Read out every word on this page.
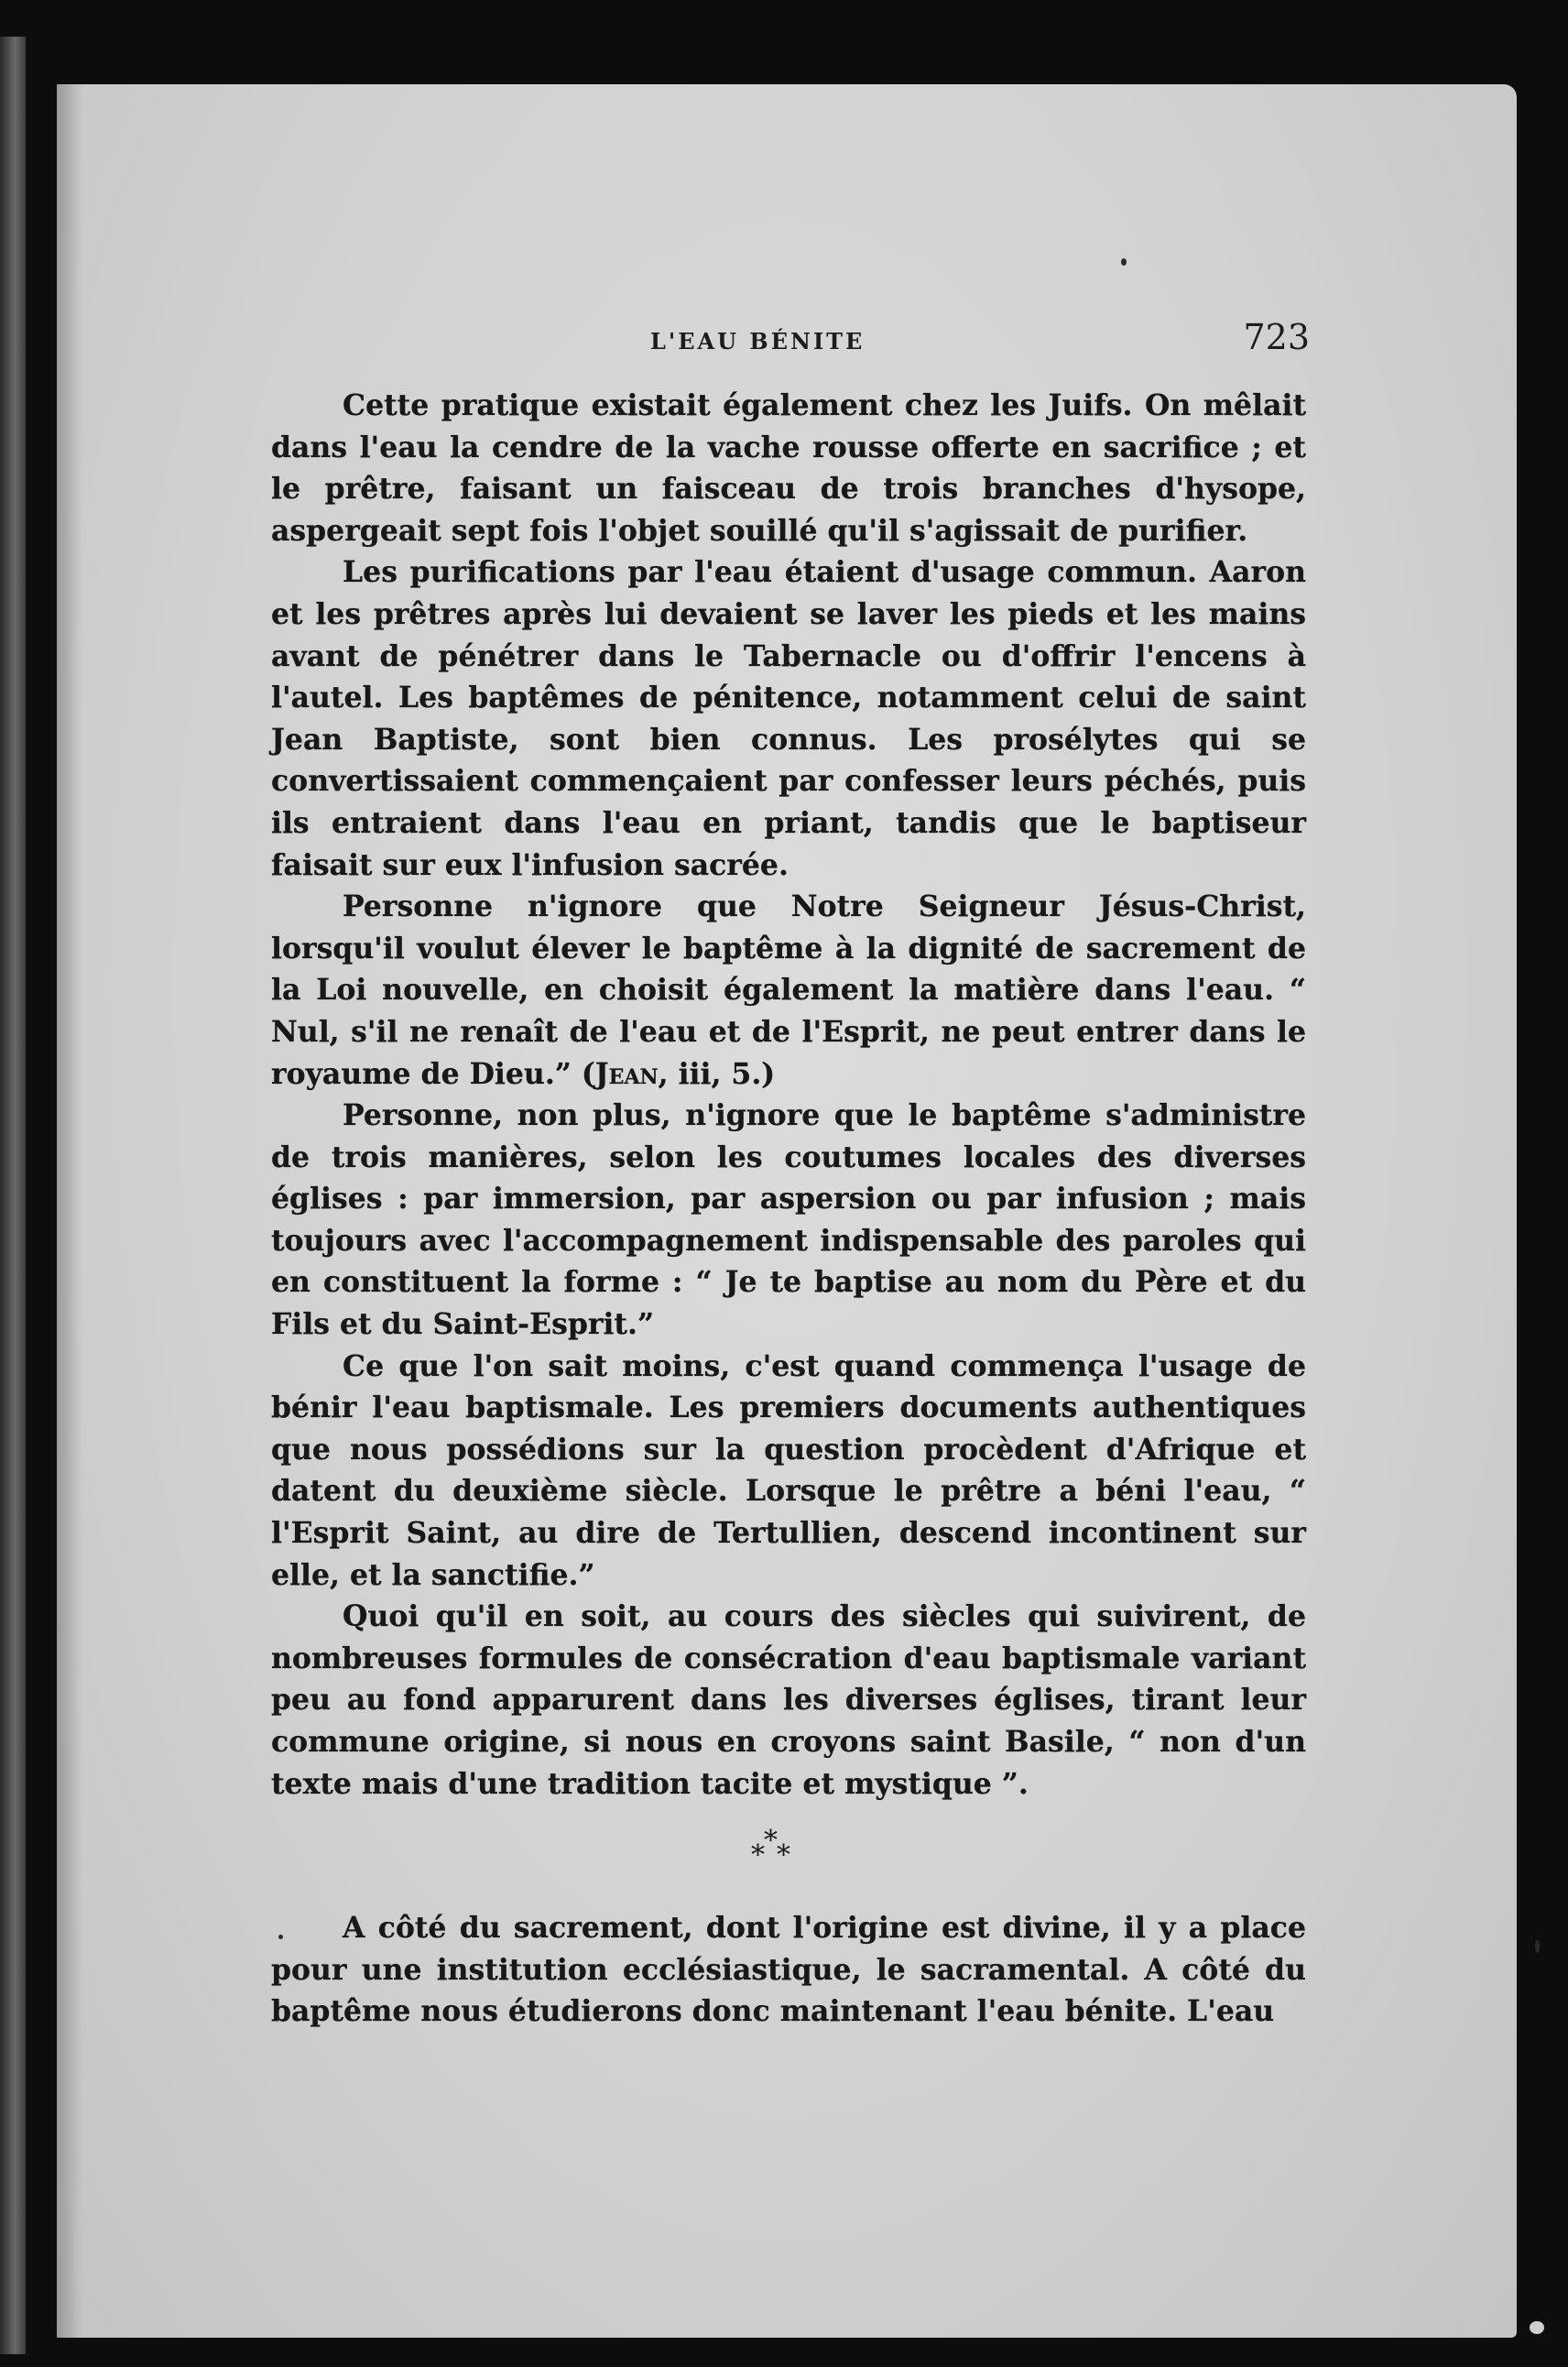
L'EAU BÉNITE	723

Cette pratique existait également chez les Juifs. On mêlait dans l'eau la cendre de la vache rousse offerte en sacrifice ; et le prêtre, faisant un faisceau de trois branches d'hysope, aspergeait sept fois l'objet souillé qu'il s'agissait de purifier.

Les purifications par l'eau étaient d'usage commun. Aaron et les prêtres après lui devaient se laver les pieds et les mains avant de pénétrer dans le Tabernacle ou d'offrir l'encens à l'autel. Les baptêmes de pénitence, notamment celui de saint Jean Baptiste, sont bien connus. Les prosélytes qui se convertissaient commençaient par confesser leurs péchés, puis ils entraient dans l'eau en priant, tandis que le baptiseur faisait sur eux l'infusion sacrée.

Personne n'ignore que Notre Seigneur Jésus-Christ, lorsqu'il voulut élever le baptême à la dignité de sacrement de la Loi nouvelle, en choisit également la matière dans l'eau. “ Nul, s'il ne renaît de l'eau et de l'Esprit, ne peut entrer dans le royaume de Dieu.” (Jean, iii, 5.)

Personne, non plus, n'ignore que le baptême s'administre de trois manières, selon les coutumes locales des diverses églises : par immersion, par aspersion ou par infusion ; mais toujours avec l'accompagnement indispensable des paroles qui en constituent la forme : “ Je te baptise au nom du Père et du Fils et du Saint-Esprit.”

Ce que l'on sait moins, c'est quand commença l'usage de bénir l'eau baptismale. Les premiers documents authentiques que nous possédions sur la question procèdent d'Afrique et datent du deuxième siècle. Lorsque le prêtre a béni l'eau, “ l'Esprit Saint, au dire de Tertullien, descend incontinent sur elle, et la sanctifie.”

Quoi qu'il en soit, au cours des siècles qui suivirent, de nombreuses formules de consécration d'eau baptismale variant peu au fond apparurent dans les diverses églises, tirant leur commune origine, si nous en croyons saint Basile, “ non d'un texte mais d'une tradition tacite et mystique ”.

* * *

A côté du sacrement, dont l'origine est divine, il y a place pour une institution ecclésiastique, le sacramental. A côté du baptême nous étudierons donc maintenant l'eau bénite. L'eau
